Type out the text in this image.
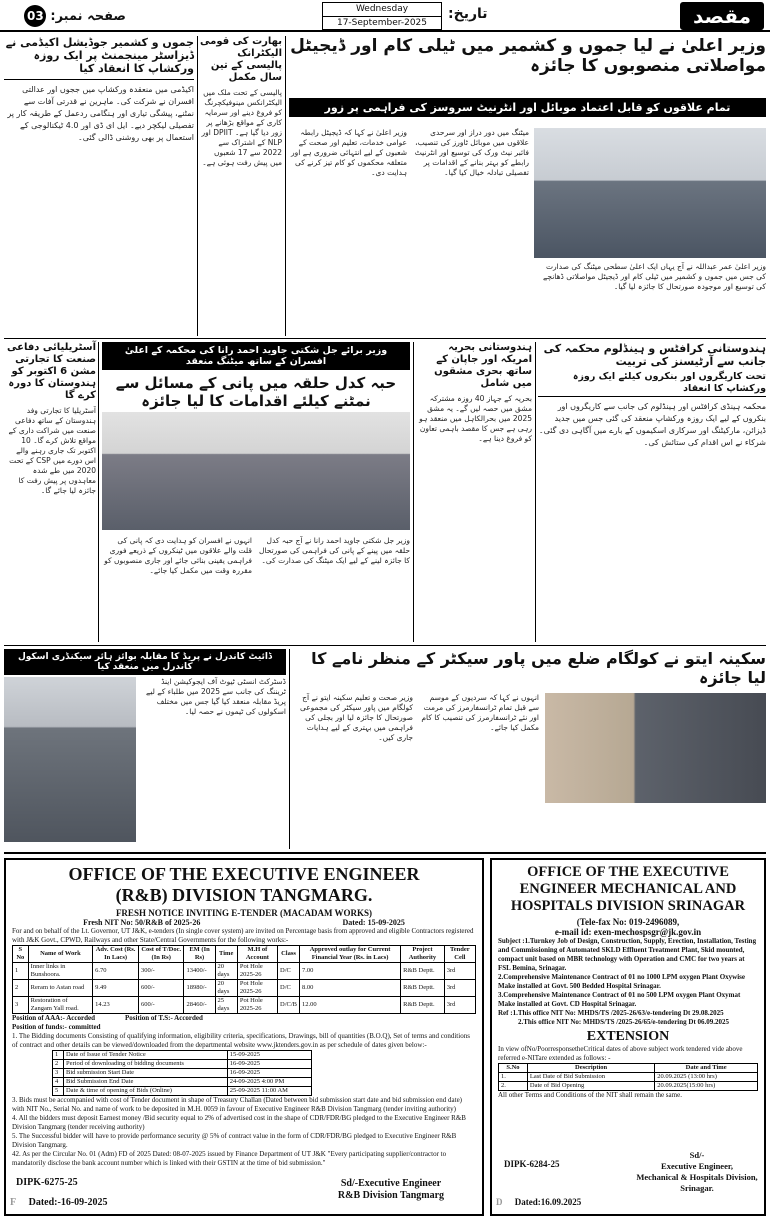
صفحہ نمبر:
03	Wednesday
17-September-2025
تاریخ:	مقصد
جموں و کشمیر جوڈیشل اکیڈمی نے ڈیزاسٹر مینجمنٹ پر ایک روزہ ورکشاپ کا انعقاد کیا
اکیڈمی میں منعقدہ ورکشاپ میں ججوں اور عدالتی افسران نے شرکت کی۔ ماہرین نے قدرتی آفات سے نمٹنے، پیشگی تیاری اور ہنگامی ردعمل کے طریقہ کار پر تفصیلی لیکچر دیے۔ ایل ای ڈی اور 4.0 ٹیکنالوجی کے استعمال پر بھی روشنی ڈالی گئی۔
بھارت کی قومی الیکٹرانک پالیسی کے تین سال مکمل
پالیسی کے تحت ملک میں الیکٹرانکس مینوفیکچرنگ کو فروغ دینے اور سرمایہ کاری کے مواقع بڑھانے پر زور دیا گیا ہے۔ DPIIT اور NLP کے اشتراک سے 2022 سے 17 شعبوں میں پیش رفت ہوئی ہے۔
وزیر اعلیٰ نے لیا جموں و کشمیر میں ٹیلی کام اور ڈیجیٹل مواصلاتی منصوبوں کا جائزہ
تمام علاقوں کو قابل اعتماد موبائل اور انٹرنیٹ سروسز کی فراہمی پر زور
وزیر اعلیٰ عمر عبداللہ نے آج یہاں ایک اعلیٰ سطحی میٹنگ کی صدارت کی جس میں جموں و کشمیر میں ٹیلی کام اور ڈیجیٹل مواصلاتی ڈھانچے کی توسیع اور موجودہ صورتحال کا جائزہ لیا گیا۔
میٹنگ میں دور دراز اور سرحدی علاقوں میں موبائل ٹاورز کی تنصیب، فائبر نیٹ ورک کی توسیع اور انٹرنیٹ رابطے کو بہتر بنانے کے اقدامات پر تفصیلی تبادلہ خیال کیا گیا۔
وزیر اعلیٰ نے کہا کہ ڈیجیٹل رابطہ عوامی خدمات، تعلیم اور صحت کے شعبوں کے لیے انتہائی ضروری ہے اور متعلقہ محکموں کو کام تیز کرنے کی ہدایت دی۔
آسٹریلیائی دفاعی صنعت کا تجارتی مشن 6 اکتوبر کو ہندوستان کا دورہ کرے گا
آسٹریلیا کا تجارتی وفد ہندوستان کے ساتھ دفاعی صنعت میں شراکت داری کے مواقع تلاش کرے گا۔ 10 اکتوبر تک جاری رہنے والے اس دورے میں CSP کے تحت 2020 میں طے شدہ معاہدوں پر پیش رفت کا جائزہ لیا جائے گا۔
وزیر برائے جل شکتی جاوید احمد رانا کی محکمہ کے اعلیٰ افسران کے ساتھ میٹنگ منعقد
حبہ کدل حلقہ میں پانی کے مسائل سے نمٹنے کیلئے اقدامات کا لیا جائزہ
وزیر جل شکتی جاوید احمد رانا نے آج حبہ کدل حلقہ میں پینے کے پانی کی فراہمی کی صورتحال کا جائزہ لینے کے لیے ایک میٹنگ کی صدارت کی۔
انہوں نے افسران کو ہدایت دی کہ پانی کی قلت والے علاقوں میں ٹینکروں کے ذریعے فوری فراہمی یقینی بنائی جائے اور جاری منصوبوں کو مقررہ وقت میں مکمل کیا جائے۔
ہندوستانی بحریہ امریکہ اور جاپان کے ساتھ بحری مشقوں میں شامل
بحریہ کے جہاز 40 روزہ مشترکہ مشق میں حصہ لیں گے۔ یہ مشق 2025 میں بحرالکاہل میں منعقد ہو رہی ہے جس کا مقصد باہمی تعاون کو فروغ دینا ہے۔
ہندوستانی کرافٹس و ہینڈلوم محکمہ کی جانب سے آرٹیسنز کی تربیت
تحت کاریگروں اور بنکروں کیلئے ایک روزہ ورکشاپ کا انعقاد
محکمہ ہینڈی کرافٹس اور ہینڈلوم کی جانب سے کاریگروں اور بنکروں کے لیے ایک روزہ ورکشاپ منعقد کی گئی جس میں جدید ڈیزائن، مارکیٹنگ اور سرکاری اسکیموں کے بارے میں آگاہی دی گئی۔ شرکاء نے اس اقدام کی ستائش کی۔
ڈائیٹ کاندرل نے پریڈ کا مقابلہ بوائز ہائر سیکنڈری اسکول کاندرل میں منعقد کیا
ڈسٹرکٹ انسٹی ٹیوٹ آف ایجوکیشن اینڈ ٹریننگ کی جانب سے 2025 میں طلباء کے لیے پریڈ مقابلہ منعقد کیا گیا جس میں مختلف اسکولوں کی ٹیموں نے حصہ لیا۔
سکینہ ایتو نے کولگام ضلع میں پاور سیکٹر کے منظر نامے کا لیا جائزہ
وزیر صحت و تعلیم سکینہ ایتو نے آج کولگام میں پاور سیکٹر کی مجموعی صورتحال کا جائزہ لیا اور بجلی کی فراہمی میں بہتری کے لیے ہدایات جاری کیں۔
انہوں نے کہا کہ سردیوں کے موسم سے قبل تمام ٹرانسفارمرز کی مرمت اور نئے ٹرانسفارمرز کی تنصیب کا کام مکمل کیا جائے۔
OFFICE OF THE EXECUTIVE ENGINEER
(R&B) DIVISION TANGMARG.
FRESH NOTICE INVITING E-TENDER (MACADAM WORKS)
Fresh NIT No: 50/R&B of 2025-26	Dated: 15-09-2025
For and on behalf of the Lt. Governor, UT J&K, e-tenders (In single cover system) are invited on Percentage basis from approved and eligible Contractors registered with J&K Govt., CPWD, Railways and other State/Central Governments for the following works:-
S No	Name of Work	Adv. Cost (Rs. In Lacs)	Cost of T/Doc. (In Rs)	EM (In Rs)	Time	M.H of Account	Class	Approved outlay for Current Financial Year (Rs. in Lacs)	Project Authority	Tender Cell
1	Inner links in Bunshoora.	6.70	300/-	13400/-	20 days	Pot Hole 2025-26	D/C	7.00	R&B Deptt.	3rd
2	Reram to Astan road	9.49	600/-	18980/-	20 days	Pot Hole 2025-26	D/C	8.00	R&B Deptt.	3rd
3	Restoration of Zangam Yall road.	14.23	600/-	28460/-	25 days	Pot Hole 2025-26	D/C/B	12.00	R&B Deptt.	3rd
Position of AAA:- Accorded	Position of T.S:- Accorded
Position of funds:- committed
1. The Bidding documents Consisting of qualifying information, eligibility criteria, specifications, Drawings, bill of quantities (B.O.Q), Set of terms and conditions of contract and other details can be viewed/downloaded from the departmental website www.jktenders.gov.in as per schedule of dates given below:-
1	Date of Issue of Tender Notice	15-09-2025
2	Period of downloading of bidding documents	16-09-2025
3	Bid submission Start Date	16-09-2025
4	Bid Submission End Date	24-09-2025 4:00 PM
5	Date & time of opening of Bids (Online)	25-09-2025 11:00 AM
3. Bids must be accompanied with cost of Tender document in shape of Treasury Challan (Dated between bid submission start date and bid submission end date) with NIT No., Serial No. and name of work to be deposited in M.H. 0059 in favour of Executive Engineer R&B Division Tangmarg (tender inviting authority)
4. All the bidders must deposit Earnest money /Bid security equal to 2% of advertised cost in the shape of CDR/FDR/BG pledged to the Executive Engineer R&B Division Tangmarg (tender receiving authority)
5. The Successful bidder will have to provide performance security @ 5% of contract value in the form of CDR/FDR/BG pledged to Executive Engineer R&B Division Tangmarg.
42. As per the Circular No. 01 (Adm) FD of 2025 Dated: 08-07-2025 issued by Finance Department of UT J&K "Every participating supplier/contractor to mandatorily disclose the bank account number which is linked with their GSTIN at the time of bid submission."
DIPK-6275-25	Sd/-Executive Engineer
R&B Division Tangmarg
F Dated:-16-09-2025
OFFICE OF THE EXECUTIVE ENGINEER MECHANICAL AND HOSPITALS DIVISION SRINAGAR
(Tele-fax No: 019-2496089,
e-mail id: exen-mechospsgr@jk.gov.in
Subject :1.Turnkey Job of Design, Construction, Supply, Erection, Installation, Testing and Commissioning of Automated SKLD Effluent Treatment Plant, Skid mounted, compact unit based on MBR technology with Operation and CMC for two years at FSL Bemina, Srinagar.
2.Comprehensive Maintenance Contract of 01 no 1000 LPM oxygen Plant Oxywise Make installed at Govt. 500 Bedded Hospital Srinagar.
3.Comprehensive Maintenance Contract of 01 no 500 LPM oxygen Plant Oxymat Make installed at Govt. CD Hospital Srinagar.
Ref :1.This office NIT No: MHDS/TS /2025-26/63/e-tendering Dt 29.08.2025
2.This office NIT No: MHDS/TS /2025-26/65/e-tendering Dt 06.09.2025
EXTENSION
In view ofNo/PoorresponsetheCritical dates of above subject work tendered vide above referred e-NITare extended as follows: -
S.No	Description	Date and Time
1.	Last Date of Bid Submission	20.09.2025 (13:00 hrs)
2.	Date of Bid Opening	20.09.2025(15:00 hrs)
All other Terms and Conditions of the NIT shall remain the same.
DIPK-6284-25
Sd/-
Executive Engineer,
Mechanical & Hospitals Division,
Srinagar.
D Dated:16.09.2025
